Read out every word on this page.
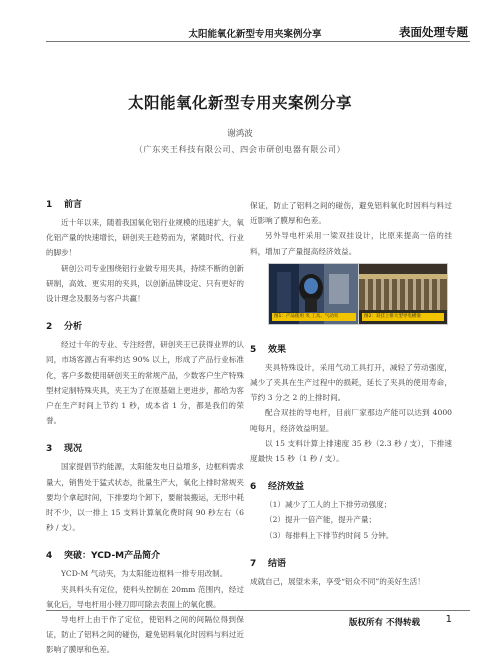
太阳能氧化新型专用夹案例分享	表面处理专题
太阳能氧化新型专用夹案例分享
谢鸿波
（广东夹王科技有限公司、四会市研创电器有限公司）
1 前言

近十年以来，随着我国氧化铝行业规模的迅速扩大，氧化铝产量的快速增长，研创夹王趁势而为，紧随时代、行业的脚步！

研创公司专业围绕铝行业做专用夹具，持续不断的创新研制，高效、更实用的夹具，以创新品牌设定、只有更好的设计理念及服务与客户共赢！

2 分析

经过十年的专业、专注经营，研创夹王已获得业界的认同，市场客源占有率约达 90% 以上，形成了产品行业标准化，客户多数使用研创夹王的常规产品，少数客户生产特殊型材定制特殊夹具，夹王为了在原基础上更进步，都给为客户在生产时间上节约 1 秒，成本省 1 分，都是我们的荣誉。

3 现况

国家提倡节约能源，太阳能发电日益增多，边框料需求量大，销售处于猛式状态，批量生产大，氧化上排时常规夹要均个拿起时间，下排要均个卸下，要耐装搬运，无形中耗时不少，以一排上 15 支料计算氧化费时间 90 秒左右（6 秒 / 支）。

4 突破：YCD-M产品简介

YCD-M 气动夹，为太阳能边框料一排专用改制。

夹具料头有定位，使料头控制在 20mm 范围内，经过氧化后，导电杆用小锉刀即可除去表面上的氧化膜。

导电杆上由于作了定位，使铝料之间的间隔位得到保证，防止了铝料之间的碰伤，避免铝料氧化时因料与料过近影响了膜厚和色差。

保证，防止了铝料之间的碰伤，避免铝料氧化时因料与料过近影响了膜厚和色差。

另外导电杆采用一梁双挂设计，比原来提高一倍的挂料，增加了产量提高经济效益。

图1：产品使用 夹 工具、气动夹	图2：双挂上排大型导电横梁
5 效果

夹具特殊设计，采用气动工具打开，减轻了劳动强度，减少了夹具在生产过程中的损耗，延长了夹具的使用寿命，节约 3 分之 2 的上排时间。

配合双挂的导电杆，目前厂家那边产能可以达到 4000 吨每月，经济效益明显。

以 15 支料计算上排速度 35 秒（2.3 秒 / 支），下排速度最快 15 秒（1 秒 / 支）。

6 经济效益

（1）减少了工人的上下排劳动强度；

（2）提升一倍产能，提升产量；

（3）每排料上下排节约时间 5 分钟。

7 结语

成就自己，展望未来，享受“铝众不同”的美好生活！

版权所有 不得转载	1
